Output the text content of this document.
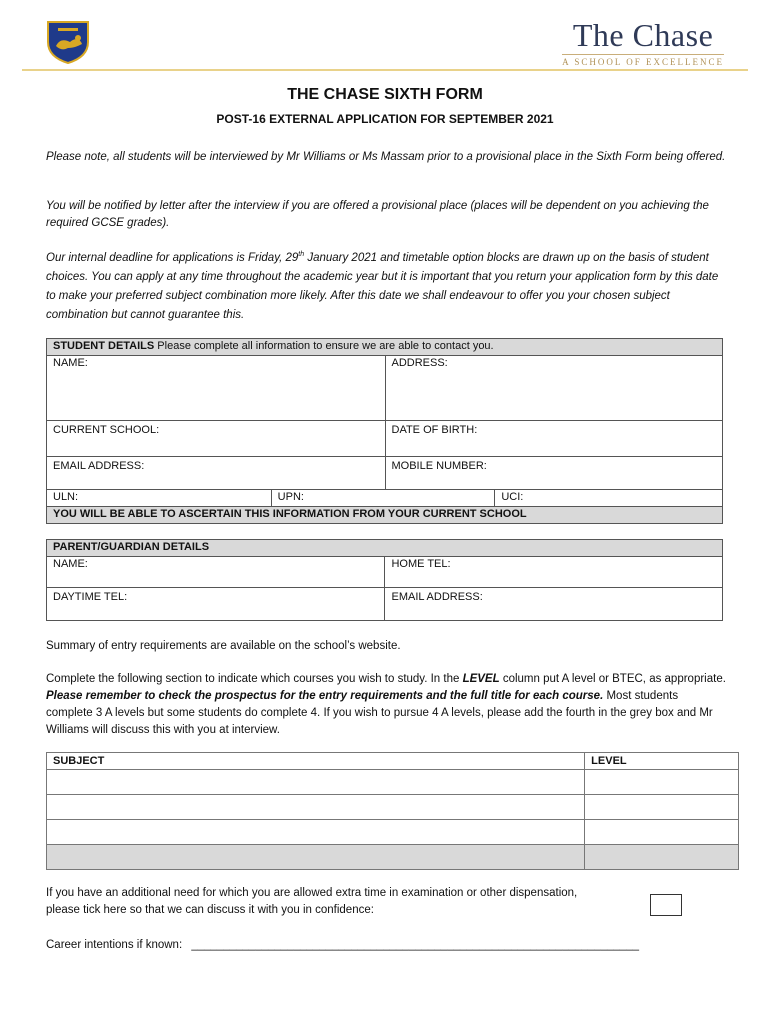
The Chase
A SCHOOL OF EXCELLENCE
THE CHASE SIXTH FORM
POST-16 EXTERNAL APPLICATION FOR SEPTEMBER 2021
Please note, all students will be interviewed by Mr Williams or Ms Massam prior to a provisional place in the Sixth Form being offered.
You will be notified by letter after the interview if you are offered a provisional place (places will be dependent on you achieving the required GCSE grades).
Our internal deadline for applications is Friday, 29th January 2021 and timetable option blocks are drawn up on the basis of student choices. You can apply at any time throughout the academic year but it is important that you return your application form by this date to make your preferred subject combination more likely. After this date we shall endeavour to offer you your chosen subject combination but cannot guarantee this.
STUDENT DETAILS Please complete all information to ensure we are able to contact you.			
NAME:		ADDRESS:	
CURRENT SCHOOL:		DATE OF BIRTH:	
EMAIL ADDRESS:		MOBILE NUMBER:	
ULN:	UPN:		UCI:
YOU WILL BE ABLE TO ASCERTAIN THIS INFORMATION FROM YOUR CURRENT SCHOOL			
PARENT/GUARDIAN DETAILS	
NAME:	HOME TEL:
DAYTIME TEL:	EMAIL ADDRESS:
Summary of entry requirements are available on the school’s website.
Complete the following section to indicate which courses you wish to study. In the LEVEL column put A level or BTEC, as appropriate. Please remember to check the prospectus for the entry requirements and the full title for each course. Most students complete 3 A levels but some students do complete 4. If you wish to pursue 4 A levels, please add the fourth in the grey box and Mr Williams will discuss this with you at interview.
SUBJECT	LEVEL

If you have an additional need for which you are allowed extra time in examination or other dispensation, please tick here so that we can discuss it with you in confidence:
Career intentions if known: ______________________________________________________________________
